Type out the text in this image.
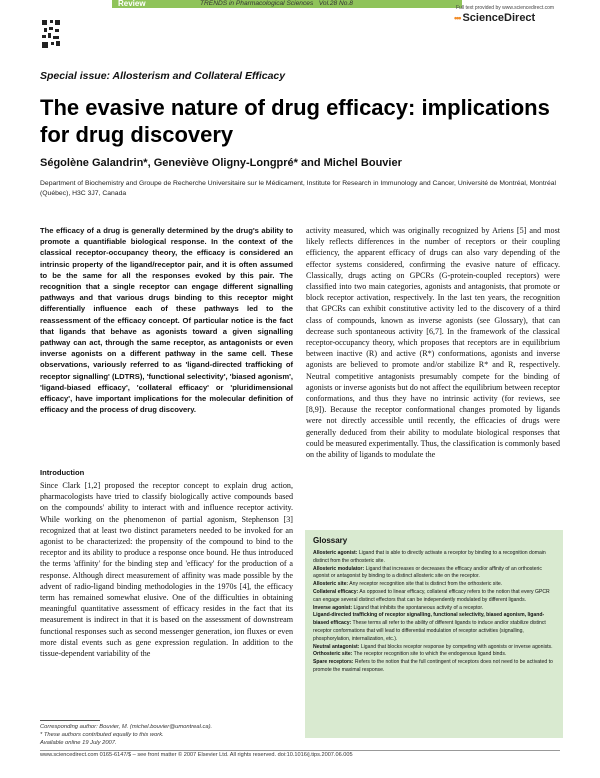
Review	TRENDS in Pharmacological Sciences Vol.28 No.8
Full text provided by www.sciencedirect.com
••• ScienceDirect
Special issue: Allosterism and Collateral Efficacy
The evasive nature of drug efficacy: implications for drug discovery
Ségolène Galandrin*, Geneviève Oligny-Longpré* and Michel Bouvier
Department of Biochemistry and Groupe de Recherche Universitaire sur le Médicament, Institute for Research in Immunology and Cancer, Université de Montréal, Montréal (Québec), H3C 3J7, Canada
The efficacy of a drug is generally determined by the drug's ability to promote a quantifiable biological response. In the context of the classical receptor-occupancy theory, the efficacy is considered an intrinsic property of the ligand/receptor pair, and it is often assumed to be the same for all the responses evoked by this pair. The recognition that a single receptor can engage different signalling pathways and that various drugs binding to this receptor might differentially influence each of these pathways led to the reassessment of the efficacy concept. Of particular notice is the fact that ligands that behave as agonists toward a given signalling pathway can act, through the same receptor, as antagonists or even inverse agonists on a different pathway in the same cell. These observations, variously referred to as 'ligand-directed trafficking of receptor signalling' (LDTRS), 'functional selectivity', 'biased agonism', 'ligand-biased efficacy', 'collateral efficacy' or 'pluridimensional efficacy', have important implications for the molecular definition of efficacy and the process of drug discovery.
Introduction
Since Clark [1,2] proposed the receptor concept to explain drug action, pharmacologists have tried to classify biologically active compounds based on the compounds' ability to interact with and influence receptor activity. While working on the phenomenon of partial agonism, Stephenson [3] recognized that at least two distinct parameters needed to be invoked for an agonist to be characterized: the propensity of the compound to bind to the receptor and its ability to produce a response once bound. He thus introduced the terms 'affinity' for the binding step and 'efficacy' for the production of a response. Although direct measurement of affinity was made possible by the advent of radio-ligand binding methodologies in the 1970s [4], the efficacy term has remained somewhat elusive. One of the difficulties in obtaining meaningful quantitative assessment of efficacy resides in the fact that its measurement is indirect in that it is based on the assessment of downstream functional responses such as second messenger generation, ion fluxes or even more distal events such as gene expression regulation. In addition to the tissue-dependent variability of the
activity measured, which was originally recognized by Ariens [5] and most likely reflects differences in the number of receptors or their coupling efficiency, the apparent efficacy of drugs can also vary depending of the effector systems considered, confirming the evasive nature of efficacy. Classically, drugs acting on GPCRs (G-protein-coupled receptors) were classified into two main categories, agonists and antagonists, that promote or block receptor activation, respectively. In the last ten years, the recognition that GPCRs can exhibit constitutive activity led to the discovery of a third class of compounds, known as inverse agonists (see Glossary), that can decrease such spontaneous activity [6,7]. In the framework of the classical receptor-occupancy theory, which proposes that receptors are in equilibrium between inactive (R) and active (R*) conformations, agonists and inverse agonists are believed to promote and/or stabilize R* and R, respectively. Neutral competitive antagonists presumably compete for the binding of agonists or inverse agonists but do not affect the equilibrium between receptor conformations, and thus they have no intrinsic activity (for reviews, see [8,9]). Because the receptor conformational changes promoted by ligands were not directly accessible until recently, the efficacies of drugs were generally deduced from their ability to modulate biological responses that could be measured experimentally. Thus, the classification is commonly based on the ability of ligands to modulate the
Corresponding author: Bouvier, M. (michel.bouvier@umontreal.ca).
* These authors contributed equally to this work.
Available online 19 July 2007.
Glossary

Allosteric agonist: Ligand that is able to directly activate a receptor by binding to a recognition domain distinct from the orthosteric site.

Allosteric modulator: Ligand that increases or decreases the efficacy and/or affinity of an orthosteric agonist or antagonist by binding to a distinct allosteric site on the receptor.

Allosteric site: Any receptor recognition site that is distinct from the orthosteric site.

Collateral efficacy: As opposed to linear efficacy, collateral efficacy refers to the notion that every GPCR can engage several distinct effectors that can be independently modulated by different ligands.

Inverse agonist: Ligand that inhibits the spontaneous activity of a receptor.

Ligand-directed trafficking of receptor signalling, functional selectivity, biased agonism, ligand-biased efficacy: These terms all refer to the ability of different ligands to induce and/or stabilize distinct receptor conformations that will lead to differential modulation of receptor activities (signalling, phosphorylation, internalization, etc.).

Neutral antagonist: Ligand that blocks receptor response by competing with agonists or inverse agonists.

Orthosteric site: The receptor recognition site to which the endogenous ligand binds.

Spare receptors: Refers to the notion that the full contingent of receptors does not need to be activated to promote the maximal response.

www.sciencedirect.com 0165-6147/$ – see front matter © 2007 Elsevier Ltd. All rights reserved. doi:10.1016/j.tips.2007.06.005
